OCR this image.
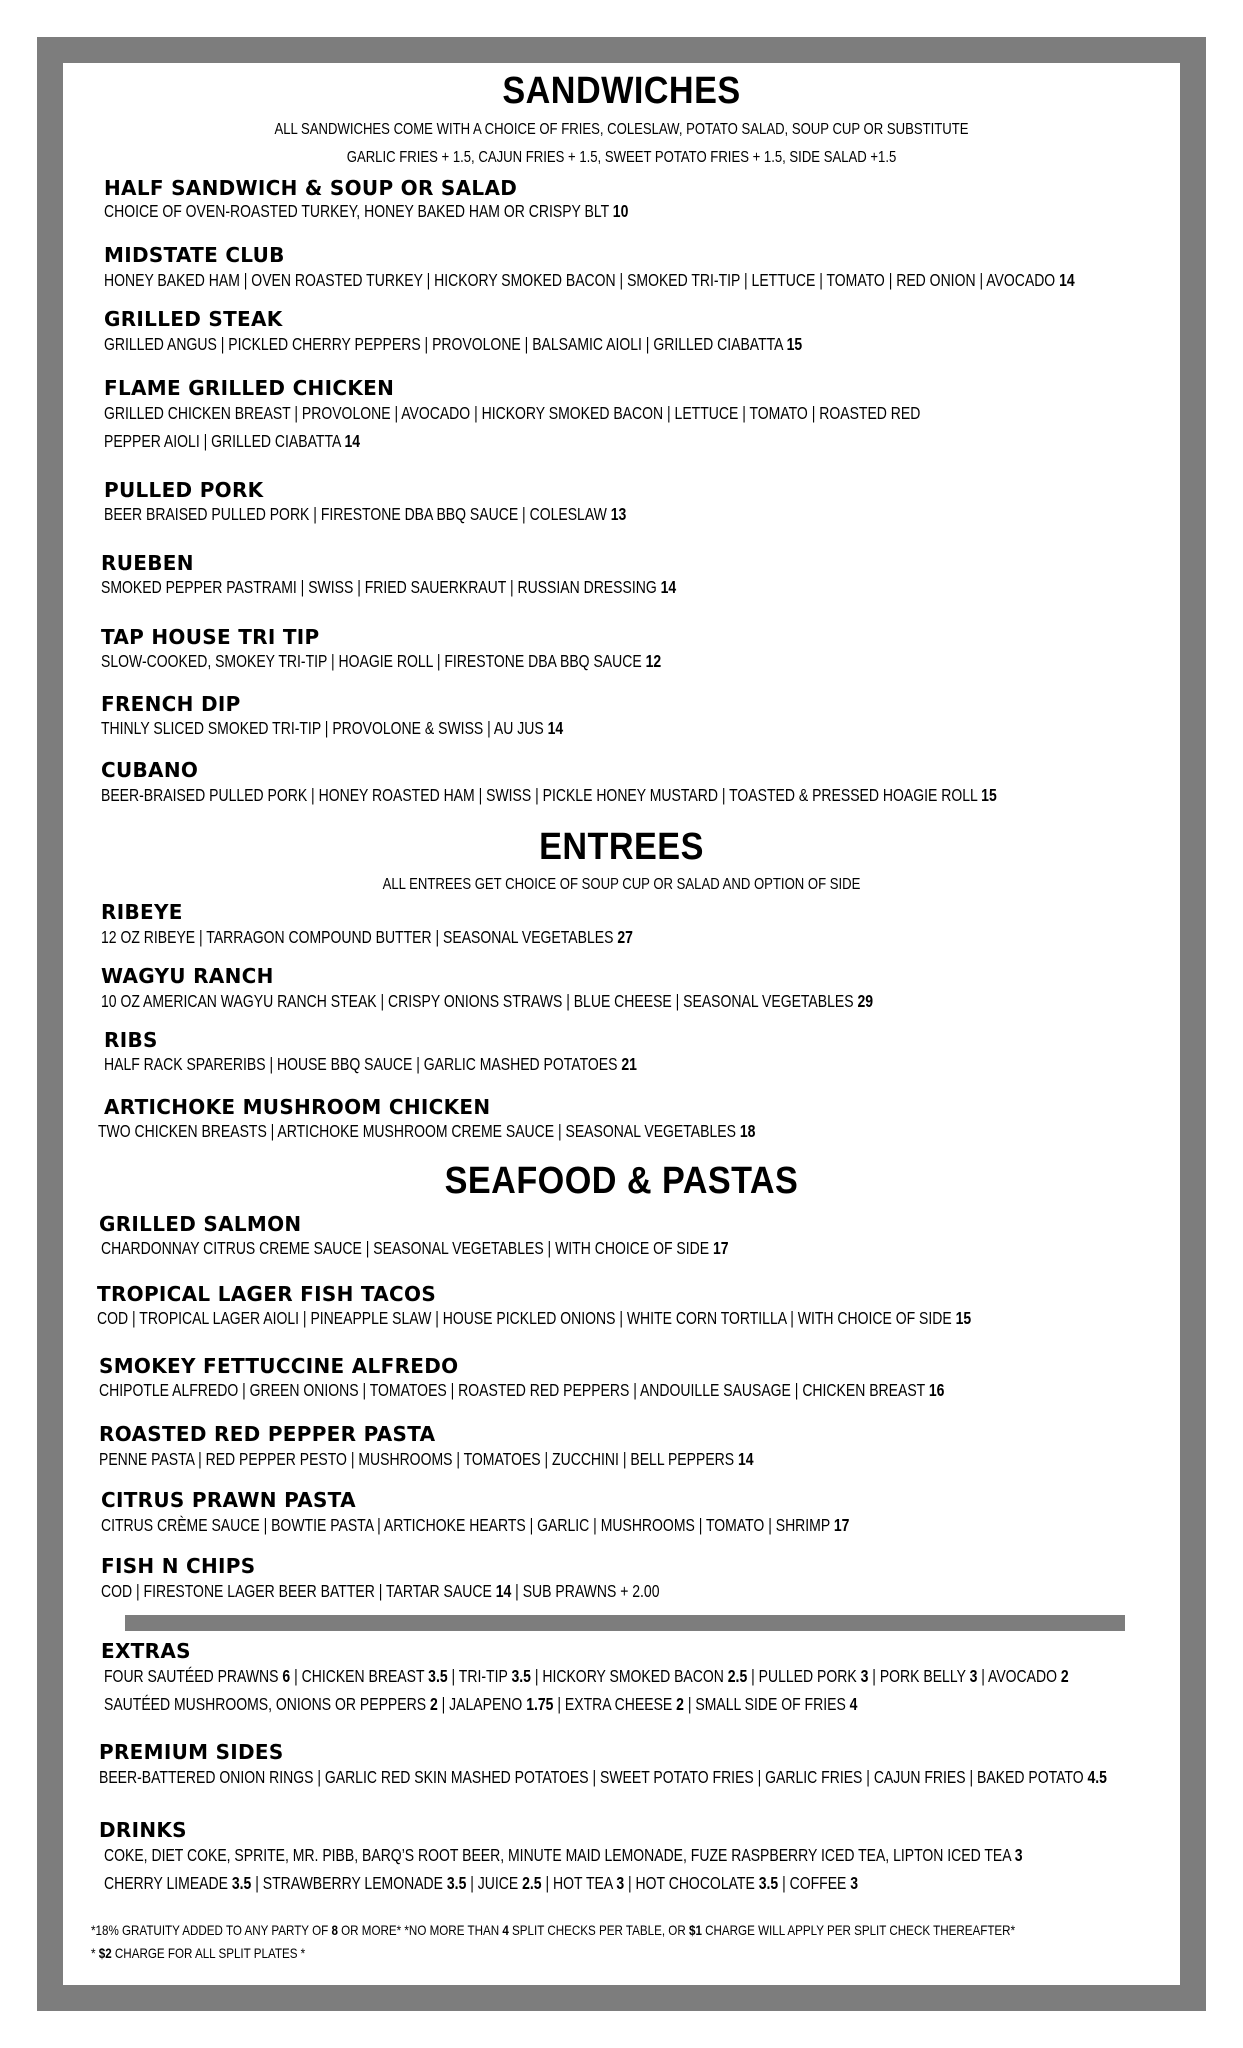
SANDWICHES
ALL SANDWICHES COME WITH A CHOICE OF FRIES, COLESLAW, POTATO SALAD, SOUP CUP OR SUBSTITUTE
GARLIC FRIES + 1.5, CAJUN FRIES + 1.5, SWEET POTATO FRIES + 1.5, SIDE SALAD +1.5
HALF SANDWICH & SOUP OR SALAD
CHOICE OF OVEN-ROASTED TURKEY, HONEY BAKED HAM OR CRISPY BLT 10
MIDSTATE CLUB
HONEY BAKED HAM | OVEN ROASTED TURKEY | HICKORY SMOKED BACON | SMOKED TRI-TIP | LETTUCE | TOMATO | RED ONION | AVOCADO 14
GRILLED STEAK
GRILLED ANGUS | PICKLED CHERRY PEPPERS | PROVOLONE | BALSAMIC AIOLI | GRILLED CIABATTA 15
FLAME GRILLED CHICKEN
GRILLED CHICKEN BREAST | PROVOLONE | AVOCADO | HICKORY SMOKED BACON | LETTUCE | TOMATO | ROASTED RED
PEPPER AIOLI | GRILLED CIABATTA 14
PULLED PORK
BEER BRAISED PULLED PORK | FIRESTONE DBA BBQ SAUCE | COLESLAW 13
RUEBEN
SMOKED PEPPER PASTRAMI | SWISS | FRIED SAUERKRAUT | RUSSIAN DRESSING 14
TAP HOUSE TRI TIP
SLOW-COOKED, SMOKEY TRI-TIP | HOAGIE ROLL | FIRESTONE DBA BBQ SAUCE 12
FRENCH DIP
THINLY SLICED SMOKED TRI-TIP | PROVOLONE & SWISS | AU JUS 14
CUBANO
BEER-BRAISED PULLED PORK | HONEY ROASTED HAM | SWISS | PICKLE HONEY MUSTARD | TOASTED & PRESSED HOAGIE ROLL 15
ENTREES
ALL ENTREES GET CHOICE OF SOUP CUP OR SALAD AND OPTION OF SIDE
RIBEYE
12 OZ RIBEYE | TARRAGON COMPOUND BUTTER | SEASONAL VEGETABLES 27
WAGYU RANCH
10 OZ AMERICAN WAGYU RANCH STEAK | CRISPY ONIONS STRAWS | BLUE CHEESE | SEASONAL VEGETABLES 29
RIBS
HALF RACK SPARERIBS | HOUSE BBQ SAUCE | GARLIC MASHED POTATOES 21
ARTICHOKE MUSHROOM CHICKEN
TWO CHICKEN BREASTS | ARTICHOKE MUSHROOM CREME SAUCE | SEASONAL VEGETABLES 18
SEAFOOD & PASTAS
GRILLED SALMON
CHARDONNAY CITRUS CREME SAUCE | SEASONAL VEGETABLES | WITH CHOICE OF SIDE 17
TROPICAL LAGER FISH TACOS
COD | TROPICAL LAGER AIOLI | PINEAPPLE SLAW | HOUSE PICKLED ONIONS | WHITE CORN TORTILLA | WITH CHOICE OF SIDE 15
SMOKEY FETTUCCINE ALFREDO
CHIPOTLE ALFREDO | GREEN ONIONS | TOMATOES | ROASTED RED PEPPERS | ANDOUILLE SAUSAGE | CHICKEN BREAST 16
ROASTED RED PEPPER PASTA
PENNE PASTA | RED PEPPER PESTO | MUSHROOMS | TOMATOES | ZUCCHINI | BELL PEPPERS 14
CITRUS PRAWN PASTA
CITRUS CRÈME SAUCE | BOWTIE PASTA | ARTICHOKE HEARTS | GARLIC | MUSHROOMS | TOMATO | SHRIMP 17
FISH N CHIPS
COD | FIRESTONE LAGER BEER BATTER | TARTAR SAUCE 14 | SUB PRAWNS + 2.00
EXTRAS
FOUR SAUTÉED PRAWNS 6 | CHICKEN BREAST 3.5 | TRI-TIP 3.5 | HICKORY SMOKED BACON 2.5 | PULLED PORK 3 | PORK BELLY 3 | AVOCADO 2
SAUTÉED MUSHROOMS, ONIONS OR PEPPERS 2 | JALAPENO 1.75 | EXTRA CHEESE 2 | SMALL SIDE OF FRIES 4
PREMIUM SIDES
BEER-BATTERED ONION RINGS | GARLIC RED SKIN MASHED POTATOES | SWEET POTATO FRIES | GARLIC FRIES | CAJUN FRIES | BAKED POTATO 4.5
DRINKS
COKE, DIET COKE, SPRITE, MR. PIBB, BARQ’S ROOT BEER, MINUTE MAID LEMONADE, FUZE RASPBERRY ICED TEA, LIPTON ICED TEA 3
CHERRY LIMEADE 3.5 | STRAWBERRY LEMONADE 3.5 | JUICE 2.5 | HOT TEA 3 | HOT CHOCOLATE 3.5 | COFFEE 3
*18% GRATUITY ADDED TO ANY PARTY OF 8 OR MORE* *NO MORE THAN 4 SPLIT CHECKS PER TABLE, OR $1 CHARGE WILL APPLY PER SPLIT CHECK THEREAFTER*
* $2 CHARGE FOR ALL SPLIT PLATES *
